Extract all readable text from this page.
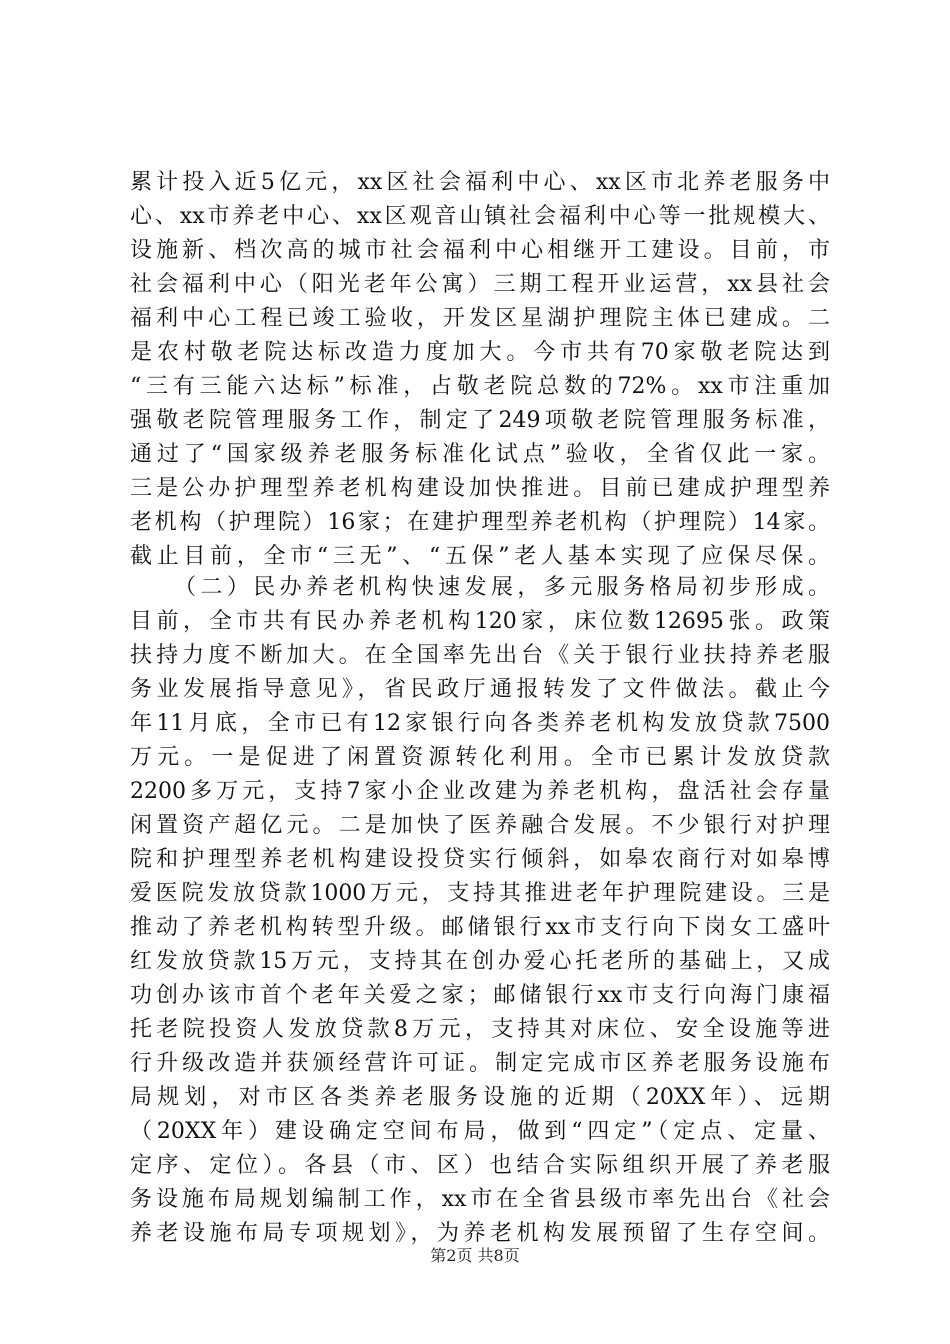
累计投入近5亿元，xx区社会福利中心、xx区市北养老服务中
心、xx市养老中心、xx区观音山镇社会福利中心等一批规模大、
设施新、档次高的城市社会福利中心相继开工建设。目前，市
社会福利中心（阳光老年公寓）三期工程开业运营，xx县社会
福利中心工程已竣工验收，开发区星湖护理院主体已建成。二
是农村敬老院达标改造力度加大。今市共有70家敬老院达到
“三有三能六达标”标准，占敬老院总数的72%。xx市注重加
强敬老院管理服务工作，制定了249项敬老院管理服务标准，
通过了“国家级养老服务标准化试点”验收，全省仅此一家。
三是公办护理型养老机构建设加快推进。目前已建成护理型养
老机构（护理院）16家；在建护理型养老机构（护理院）14家。
截止目前，全市“三无”、“五保”老人基本实现了应保尽保。
（二）民办养老机构快速发展，多元服务格局初步形成。
目前，全市共有民办养老机构120家，床位数12695张。政策
扶持力度不断加大。在全国率先出台《关于银行业扶持养老服
务业发展指导意见》，省民政厅通报转发了文件做法。截止今
年11月底，全市已有12家银行向各类养老机构发放贷款7500
万元。一是促进了闲置资源转化利用。全市已累计发放贷款
2200多万元，支持7家小企业改建为养老机构，盘活社会存量
闲置资产超亿元。二是加快了医养融合发展。不少银行对护理
院和护理型养老机构建设投贷实行倾斜，如皋农商行对如皋博
爱医院发放贷款1000万元，支持其推进老年护理院建设。三是
推动了养老机构转型升级。邮储银行xx市支行向下岗女工盛叶
红发放贷款15万元，支持其在创办爱心托老所的基础上，又成
功创办该市首个老年关爱之家；邮储银行xx市支行向海门康福
托老院投资人发放贷款8万元，支持其对床位、安全设施等进
行升级改造并获颁经营许可证。制定完成市区养老服务设施布
局规划，对市区各类养老服务设施的近期（20XX年）、远期
（20XX年）建设确定空间布局，做到“四定”（定点、定量、
定序、定位）。各县（市、区）也结合实际组织开展了养老服
务设施布局规划编制工作，xx市在全省县级市率先出台《社会
养老设施布局专项规划》，为养老机构发展预留了生存空间。
第2页 共8页
